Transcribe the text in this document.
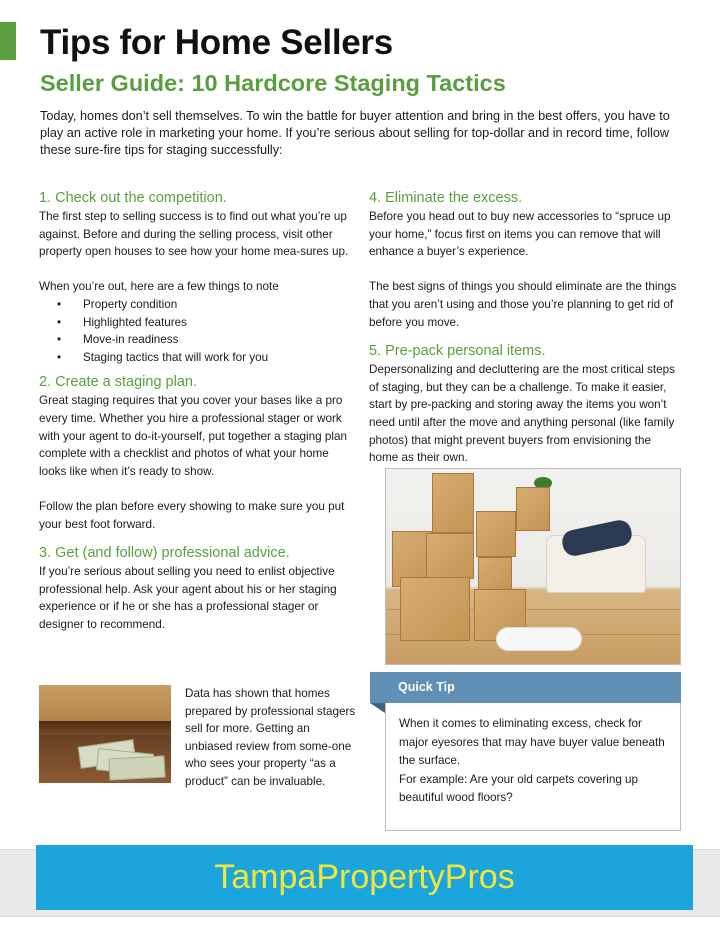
Tips for Home Sellers
Seller Guide: 10 Hardcore Staging Tactics

Today, homes don’t sell themselves. To win the battle for buyer attention and bring in the best offers, you have to play an active role in marketing your home. If you’re serious about selling for top-dollar and in record time, follow these sure-fire tips for staging successfully:

1. Check out the competition.

The first step to selling success is to find out what you’re up against. Before and during the selling process, visit other property open houses to see how your home mea-sures up.

When you’re out, here are a few things to note

• Property condition
• Highlighted features
• Move-in readiness
• Staging tactics that will work for you
2. Create a staging plan.

Great staging requires that you cover your bases like a pro every time. Whether you hire a professional stager or work with your agent to do-it-yourself, put together a staging plan complete with a checklist and photos of what your home looks like when it’s ready to show.

Follow the plan before every showing to make sure you put your best foot forward.

3. Get (and follow) professional advice.

If you’re serious about selling you need to enlist objective professional help. Ask your agent about his or her staging experience or if he or she has a professional stager or designer to recommend.

Data has shown that homes prepared by professional stagers sell for more. Getting an unbiased review from some-one who sees your property “as a product” can be invaluable.

4. Eliminate the excess.

Before you head out to buy new accessories to “spruce up your home,” focus first on items you can remove that will enhance a buyer’s experience.

The best signs of things you should eliminate are the things that you aren’t using and those you’re planning to get rid of before you move.

5. Pre-pack personal items.

Depersonalizing and decluttering are the most critical steps of staging, but they can be a challenge. To make it easier, start by pre-packing and storing away the items you won’t need until after the move and anything personal (like family photos) that might prevent buyers from envisioning the home as their own.

Quick Tip

When it comes to eliminating excess, check for major eyesores that may have buyer value beneath the surface.

For example: Are your old carpets covering up beautiful wood floors?

TampaPropertyPros
